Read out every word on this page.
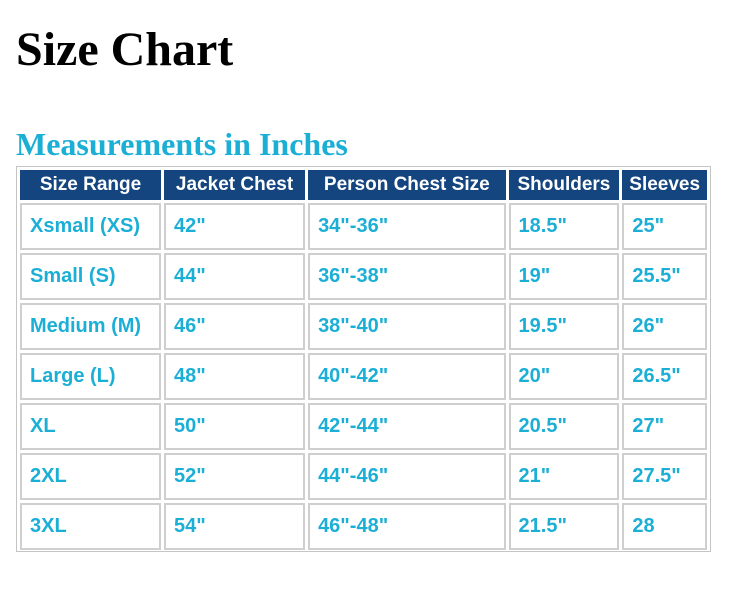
Size Chart
Measurements in Inches
Size Range	Jacket Chest	Person Chest Size	Shoulders	Sleeves
Xsmall (XS)	42"	34"-36"	18.5"	25"
Small (S)	44"	36"-38"	19"	25.5"
Medium (M)	46"	38"-40"	19.5"	26"
Large (L)	48"	40"-42"	20"	26.5"
XL	50"	42"-44"	20.5"	27"
2XL	52"	44"-46"	21"	27.5"
3XL	54"	46"-48"	21.5"	28
